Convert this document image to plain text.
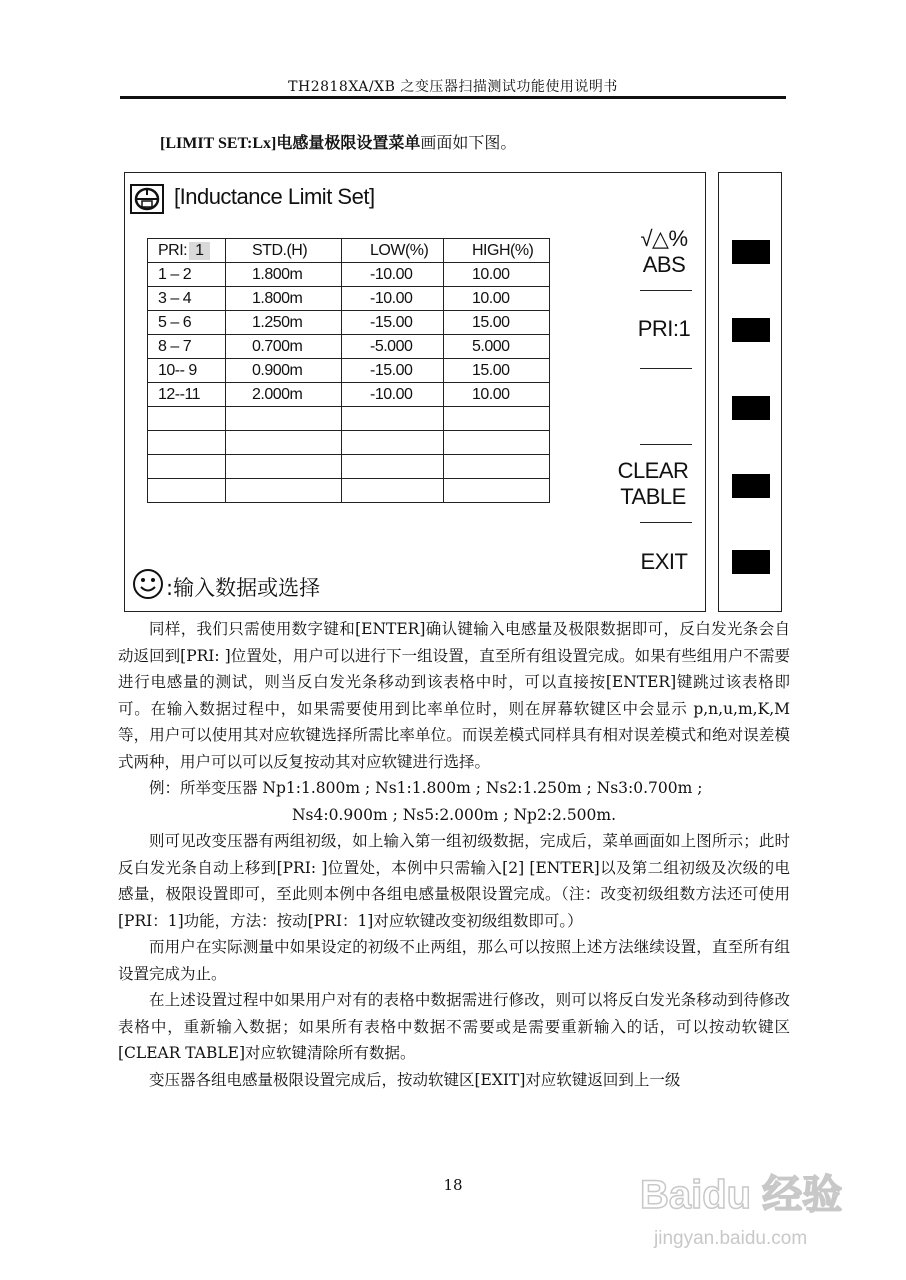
TH2818XA/XB 之变压器扫描测试功能使用说明书
[LIMIT SET:Lx]电感量极限设置菜单画面如下图。
[Inductance Limit Set]
PRI: 1	STD.(H)	LOW(%)	HIGH(%)
1 – 2	1.800m	-10.00	10.00
3 – 4	1.800m	-10.00	10.00
5 – 6	1.250m	-15.00	15.00
8 – 7	0.700m	-5.000	5.000
10-- 9	0.900m	-15.00	15.00
12--11	2.000m	-10.00	10.00

:输入数据或选择
√△%
ABS
PRI:1
CLEAR
TABLE
EXIT

同样，我们只需使用数字键和[ENTER]确认键输入电感量及极限数据即可，反白发光条会自动返回到[PRI: ]位置处，用户可以进行下一组设置，直至所有组设置完成。如果有些组用户不需要进行电感量的测试，则当反白发光条移动到该表格中时，可以直接按[ENTER]键跳过该表格即可。在输入数据过程中，如果需要使用到比率单位时，则在屏幕软键区中会显示 p,n,u,m,K,M 等，用户可以使用其对应软键选择所需比率单位。而误差模式同样具有相对误差模式和绝对误差模式两种，用户可以可以反复按动其对应软键进行选择。

例：所举变压器 Np1:1.800m ; Ns1:1.800m ; Ns2:1.250m ; Ns3:0.700m ;

Ns4:0.900m ; Ns5:2.000m ; Np2:2.500m.

则可见改变压器有两组初级，如上输入第一组初级数据，完成后，菜单画面如上图所示；此时反白发光条自动上移到[PRI: ]位置处，本例中只需输入[2] [ENTER]以及第二组初级及次级的电感量，极限设置即可，至此则本例中各组电感量极限设置完成。（注：改变初级组数方法还可使用[PRI：1]功能，方法：按动[PRI：1]对应软键改变初级组数即可。）

而用户在实际测量中如果设定的初级不止两组，那么可以按照上述方法继续设置，直至所有组设置完成为止。

在上述设置过程中如果用户对有的表格中数据需进行修改，则可以将反白发光条移动到待修改表格中，重新输入数据；如果所有表格中数据不需要或是需要重新输入的话，可以按动软键区[CLEAR TABLE]对应软键清除所有数据。

变压器各组电感量极限设置完成后，按动软键区[EXIT]对应软键返回到上一级

18	Baidu 经验
jingyan.baidu.com
